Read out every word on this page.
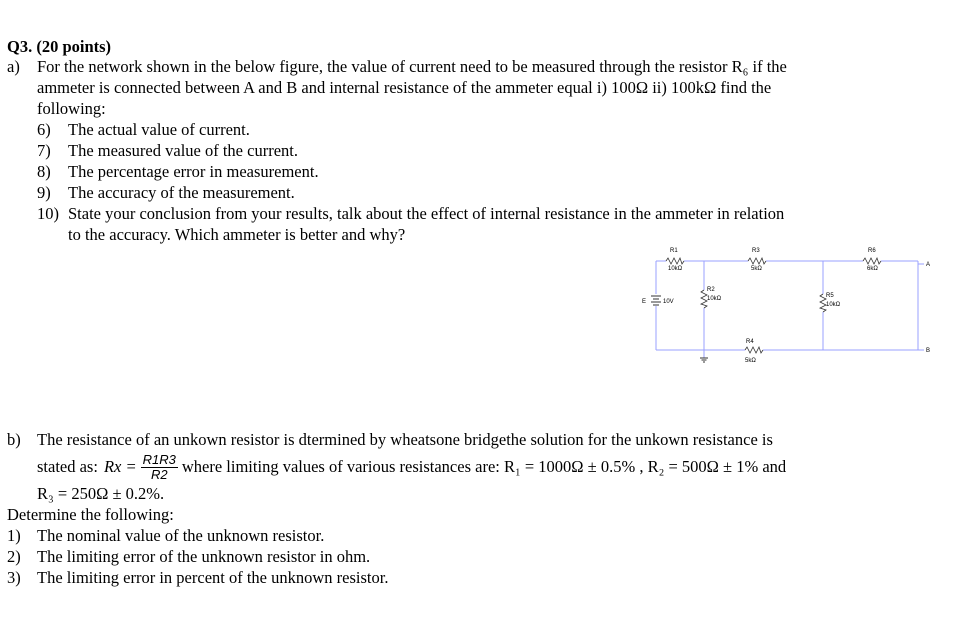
Q3. (20 points)
a) For the network shown in the below figure, the value of current need to be measured through the resistor R₆ if the
ammeter is connected between A and B and internal resistance of the ammeter equal i) 100Ω ii) 100kΩ find the
following:
6) The actual value of current.
7) The measured value of the current.
8) The percentage error in measurement.
9) The accuracy of the measurement.
10) State your conclusion from your results, talk about the effect of internal resistance in the ammeter in relation
to the accuracy. Which ammeter is better and why?
R1
10kΩ
R3
5kΩ
R6
6kΩ
R2
10kΩ	R5
10kΩ
R4
5kΩ
E	10V
A
B
b) The resistance of an unkown resistor is dtermined by wheatsone bridgethe solution for the unkown resistance is
stated as: $Rx = \frac{R1R3}{R2}$ where limiting values of various resistances are: R₁ = 1000Ω ± 0.5% , R₂ = 500Ω ± 1% and
R₃ = 250Ω ± 0.2%.
Determine the following:
1) The nominal value of the unknown resistor.
2) The limiting error of the unknown resistor in ohm.
3) The limiting error in percent of the unknown resistor.
